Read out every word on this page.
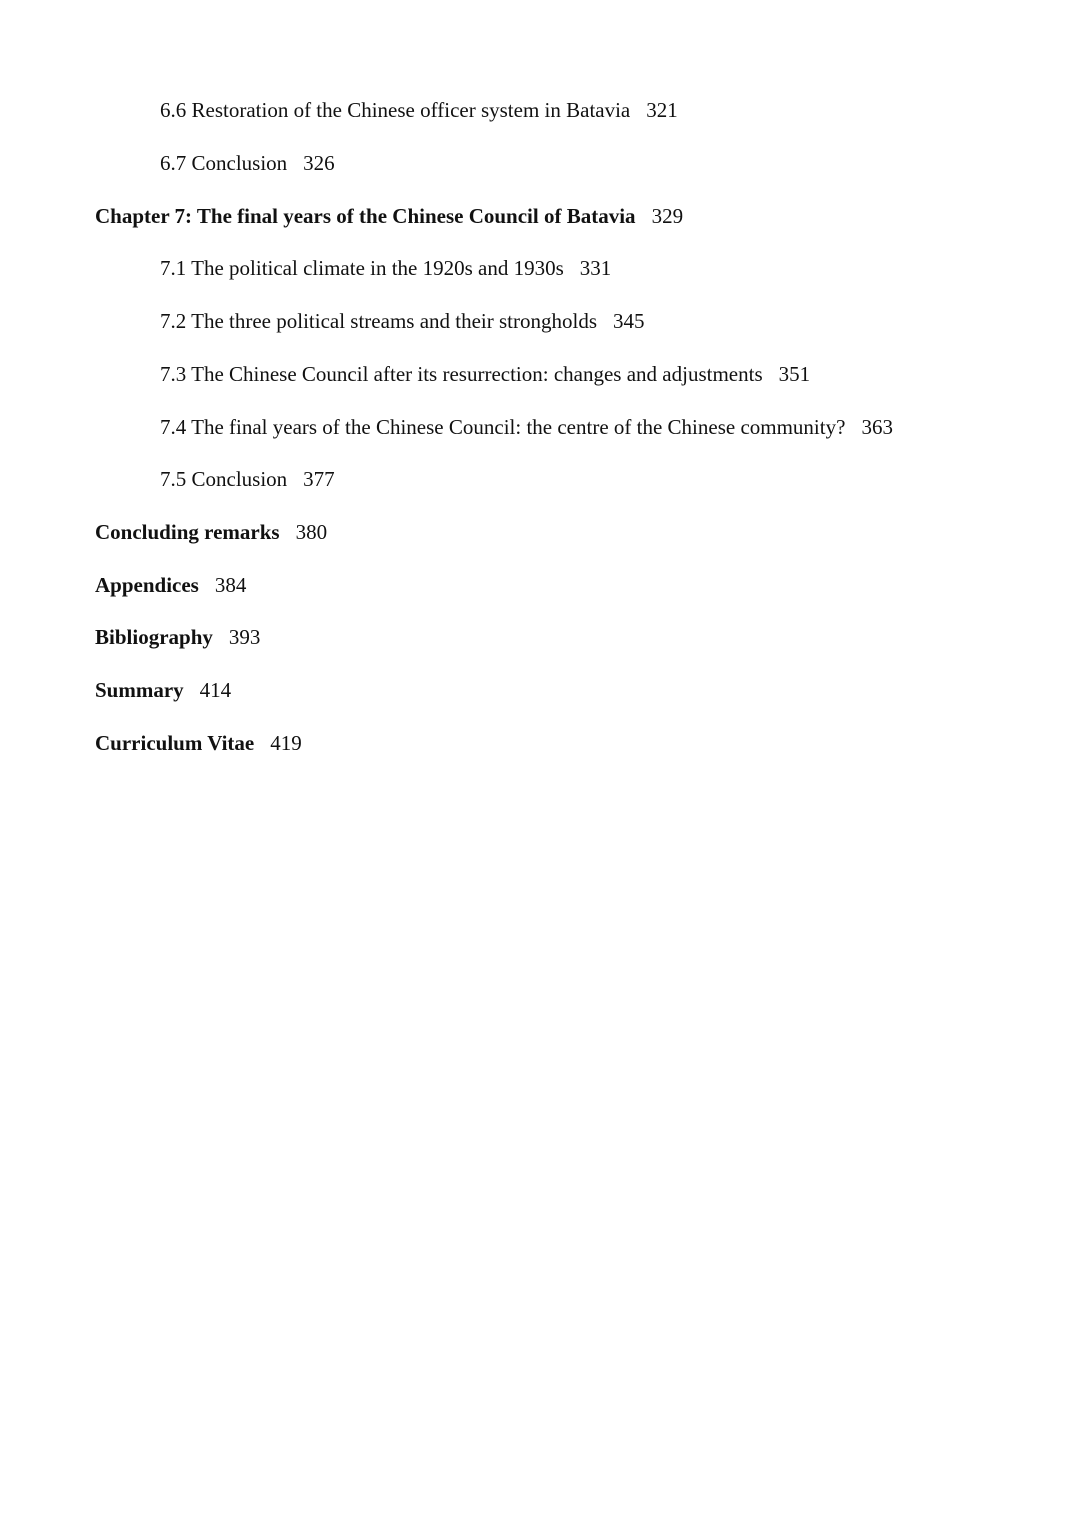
6.6 Restoration of the Chinese officer system in Batavia 321
6.7 Conclusion 326
Chapter 7: The final years of the Chinese Council of Batavia 329
7.1 The political climate in the 1920s and 1930s 331
7.2 The three political streams and their strongholds 345
7.3 The Chinese Council after its resurrection: changes and adjustments 351
7.4 The final years of the Chinese Council: the centre of the Chinese community? 363
7.5 Conclusion 377
Concluding remarks 380
Appendices 384
Bibliography 393
Summary 414
Curriculum Vitae 419
